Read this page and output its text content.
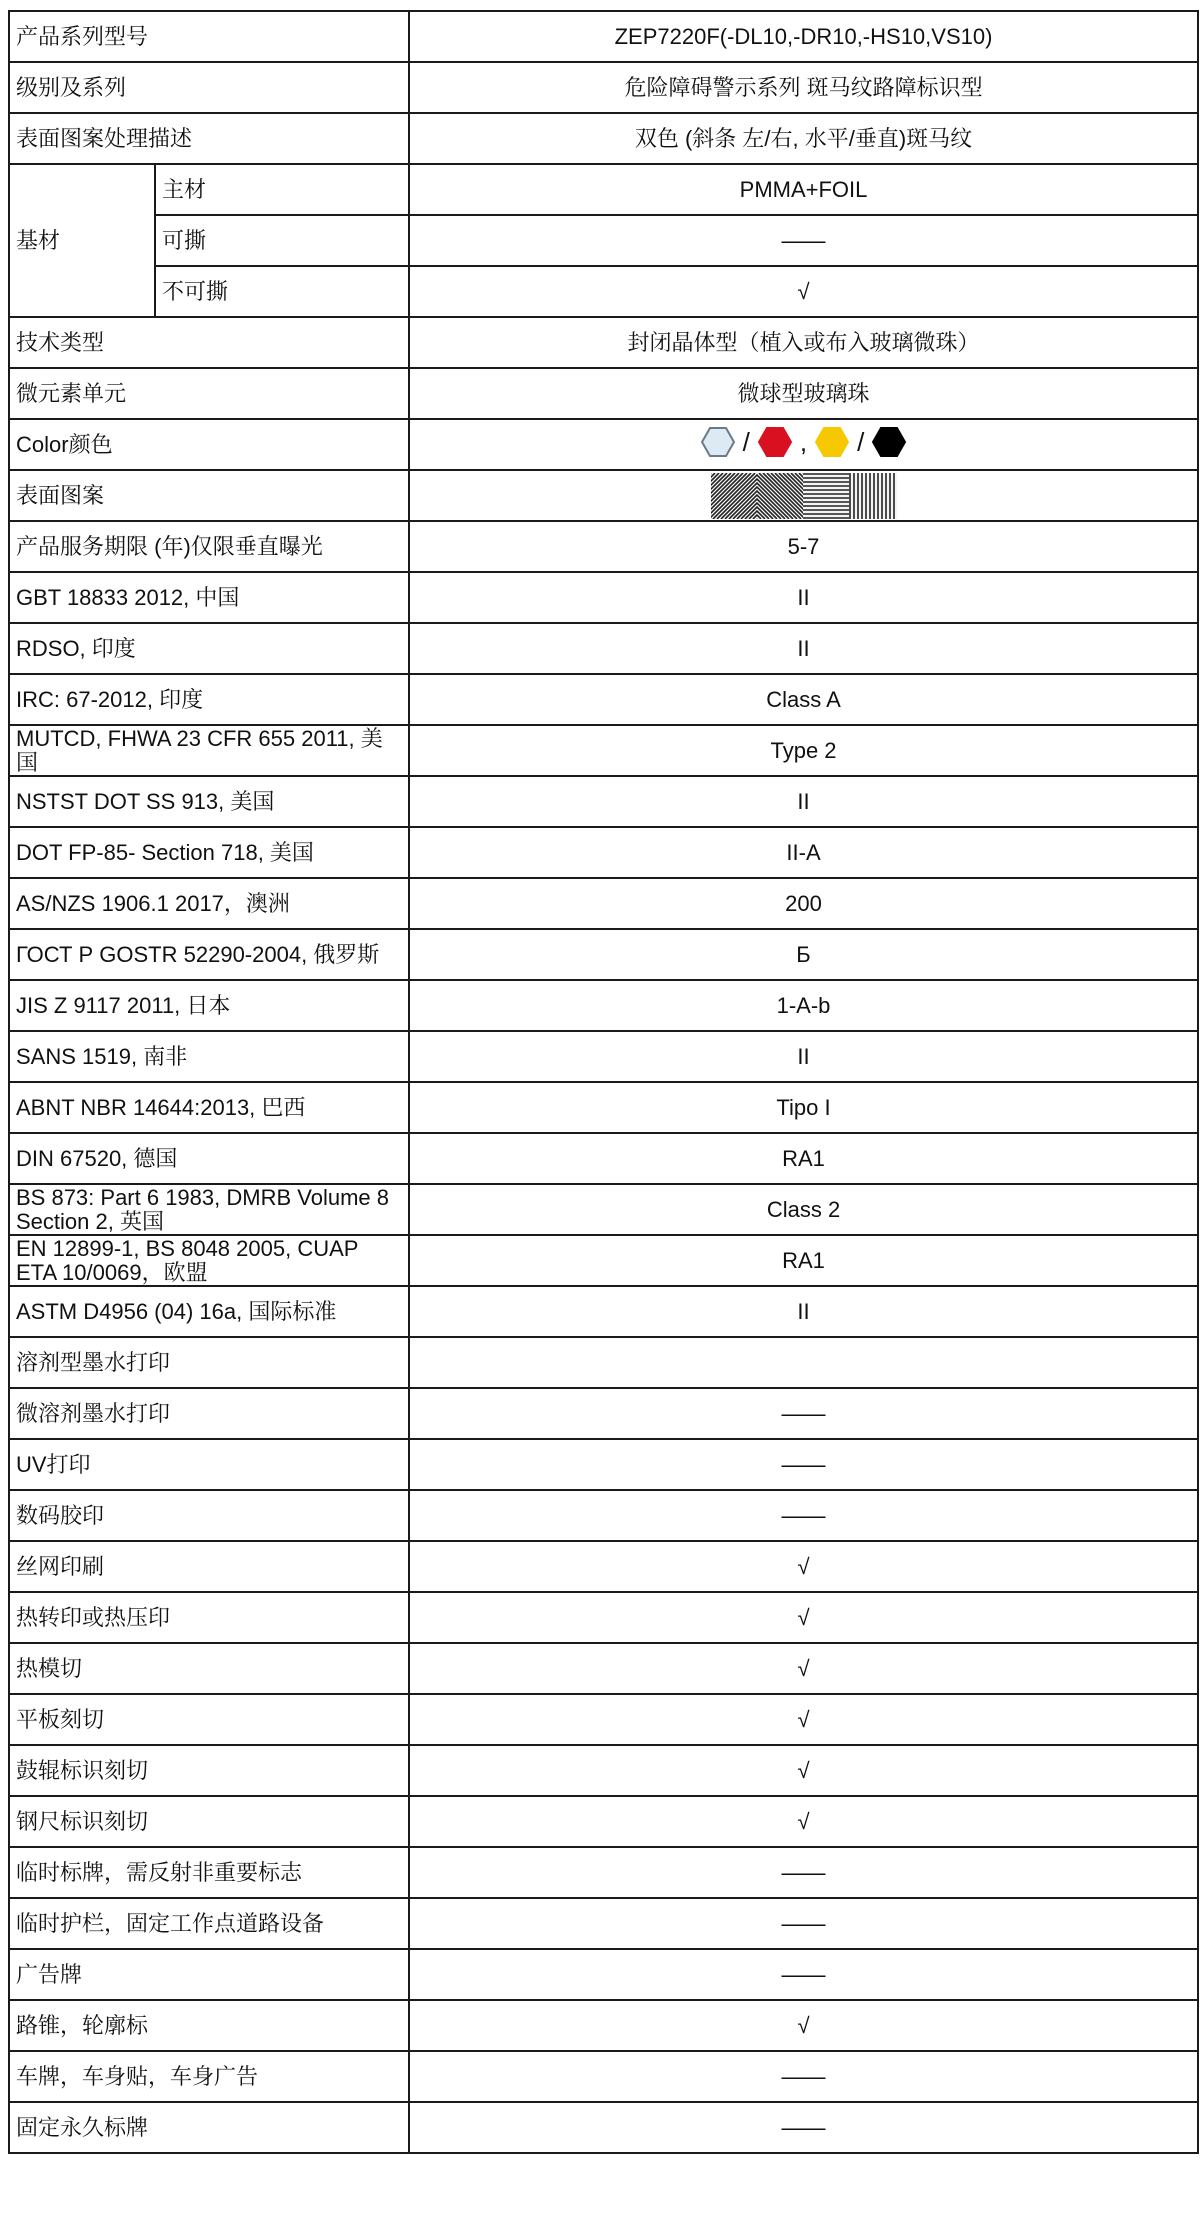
产品系列型号		ZEP7220F(-DL10,-DR10,-HS10,VS10)
级别及系列		危险障碍警示系列 斑马纹路障标识型
表面图案处理描述		双色 (斜条 左/右, 水平/垂直)斑马纹
基材	主材	PMMA+FOIL
	可撕	——
	不可撕	√
技术类型		封闭晶体型（植入或布入玻璃微珠）
微元素单元		微球型玻璃珠
Color颜色		/ , /

表面图案	
产品服务期限 (年)仅限垂直曝光		5-7
GBT 18833 2012, 中国		II
RDSO, 印度		II
IRC: 67-2012, 印度		Class A
MUTCD, FHWA 23 CFR 655 2011, 美国		Type 2
NSTST DOT SS 913, 美国		II
DOT FP-85- Section 718, 美国		II-A
AS/NZS 1906.1 2017，澳洲		200
ГОСТ Р GOSTR 52290-2004, 俄罗斯		Б
JIS Z 9117 2011, 日本		1-A-b
SANS 1519, 南非		II
ABNT NBR 14644:2013, 巴西		Tipo I
DIN 67520, 德国		RA1
BS 873: Part 6 1983, DMRB Volume 8 Section 2, 英国		Class 2
EN 12899-1, BS 8048 2005, CUAP ETA 10/0069，欧盟		RA1
ASTM D4956 (04) 16a, 国际标准		II
溶剂型墨水打印		
微溶剂墨水打印		——
UV打印		——
数码胶印		——
丝网印刷		√
热转印或热压印		√
热模切		√
平板刻切		√
鼓辊标识刻切		√
钢尺标识刻切		√
临时标牌，需反射非重要标志		——
临时护栏，固定工作点道路设备		——
广告牌		——
路锥，轮廓标		√
车牌，车身贴，车身广告		——
固定永久标牌		——
